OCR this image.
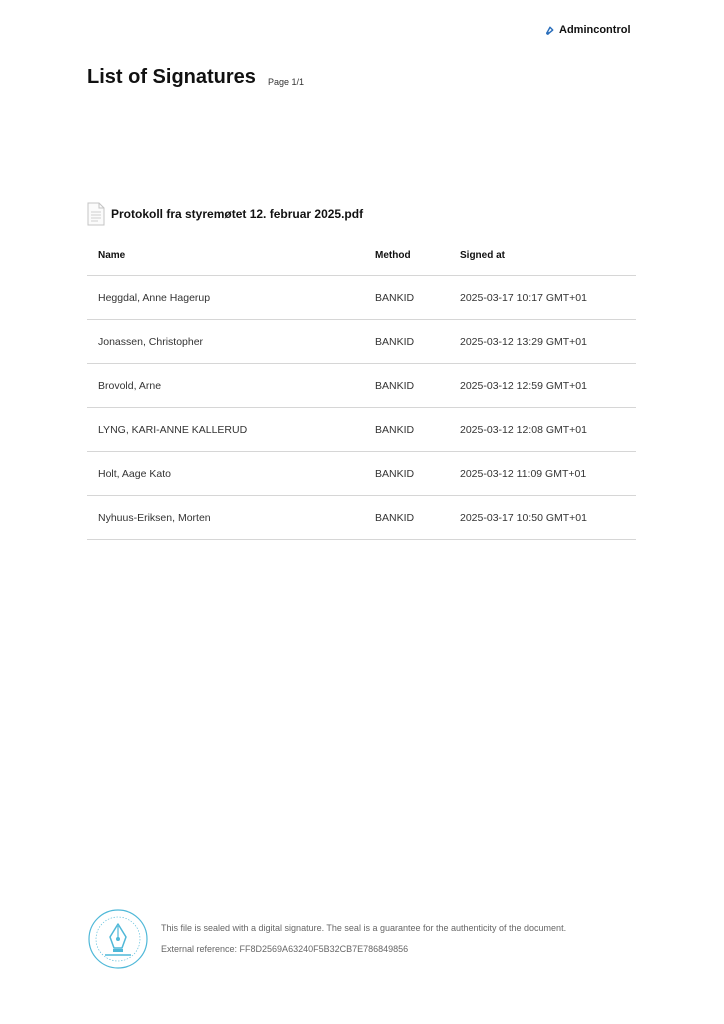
Admincontrol
List of Signatures Page 1/1
Protokoll fra styremøtet 12. februar 2025.pdf
Name	Method	Signed at
Heggdal, Anne Hagerup	BANKID	2025-03-17 10:17 GMT+01
Jonassen, Christopher	BANKID	2025-03-12 13:29 GMT+01
Brovold, Arne	BANKID	2025-03-12 12:59 GMT+01
LYNG, KARI-ANNE KALLERUD	BANKID	2025-03-12 12:08 GMT+01
Holt, Aage Kato	BANKID	2025-03-12 11:09 GMT+01
Nyhuus-Eriksen, Morten	BANKID	2025-03-17 10:50 GMT+01
This file is sealed with a digital signature. The seal is a guarantee for the authenticity of the document.
External reference: FF8D2569A63240F5B32CB7E786849856
